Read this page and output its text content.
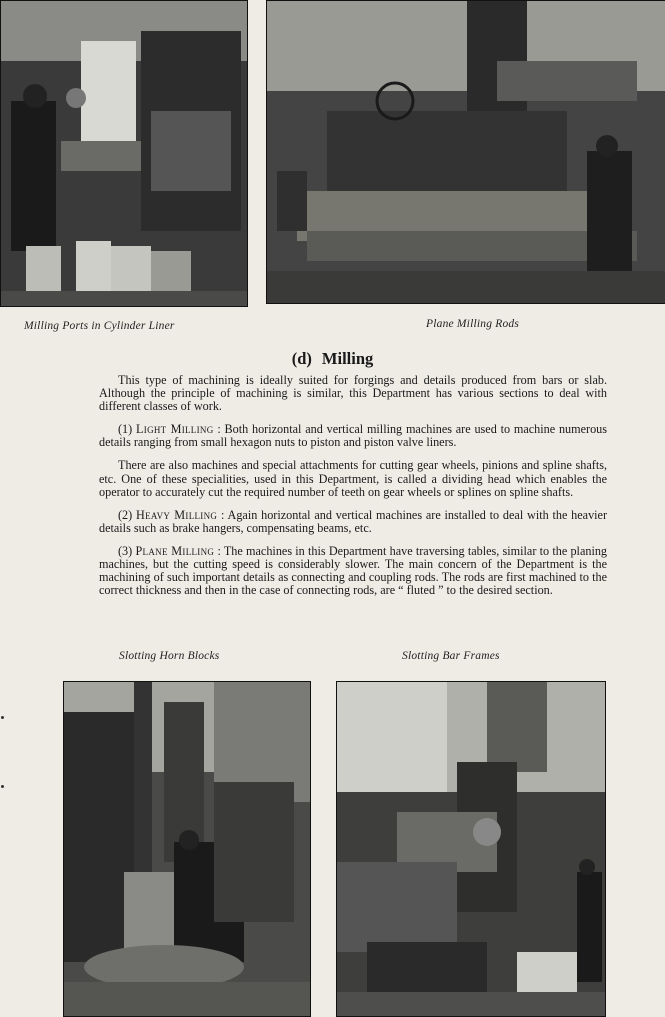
Milling Ports in Cylinder Liner	Plane Milling Rods
(d) Milling

This type of machining is ideally suited for forgings and details produced from bars or slab. Although the principle of machining is similar, this Department has various sections to deal with different classes of work.

(1) Light Milling : Both horizontal and vertical milling machines are used to machine numerous details ranging from small hexagon nuts to piston and piston valve liners.

There are also machines and special attachments for cutting gear wheels, pinions and spline shafts, etc. One of these specialities, used in this Department, is called a dividing head which enables the operator to accurately cut the required number of teeth on gear wheels or splines on spline shafts.

(2) Heavy Milling : Again horizontal and vertical machines are installed to deal with the heavier details such as brake hangers, compensating beams, etc.

(3) Plane Milling : The machines in this Department have traversing tables, similar to the planing machines, but the cutting speed is considerably slower. The main concern of the Department is the machining of such important details as connecting and coupling rods. The rods are first machined to the correct thickness and then in the case of connecting rods, are “ fluted ” to the desired section.

Slotting Horn Blocks	Slotting Bar Frames
